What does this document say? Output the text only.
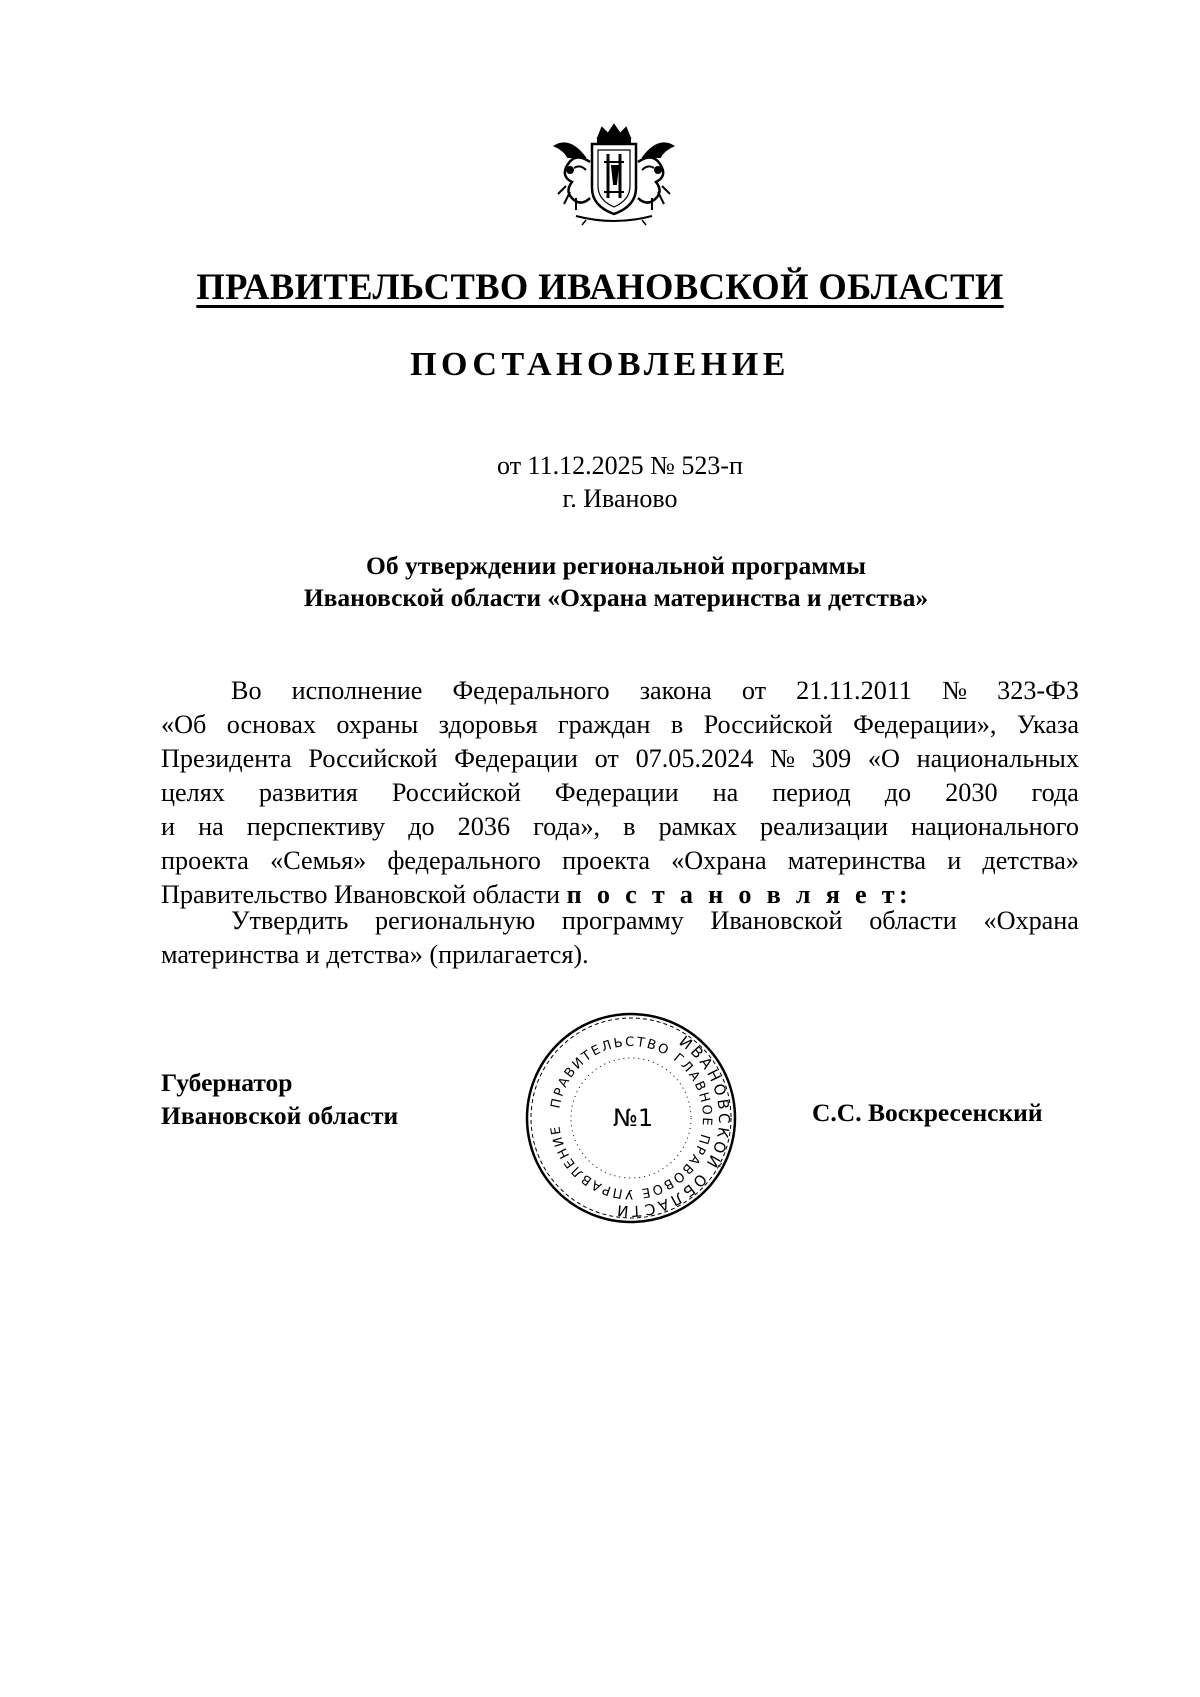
ПРАВИТЕЛЬСТВО ИВАНОВСКОЙ ОБЛАСТИ
ПОСТАНОВЛЕНИЕ
от 11.12.2025 № 523-п
г. Иваново
Об утверждении региональной программы
Ивановской области «Охрана материнства и детства»
Во исполнение Федерального закона от 21.11.2011 № 323-ФЗ
«Об основах охраны здоровья граждан в Российской Федерации», Указа
Президента Российской Федерации от 07.05.2024 № 309 «О национальных
целях развития Российской Федерации на период до 2030 года
и на перспективу до 2036 года», в рамках реализации национального
проекта «Семья» федерального проекта «Охрана материнства и детства»
Правительство Ивановской области п о с т а н о в л я е т:
Утвердить региональную программу Ивановской области «Охрана
материнства и детства» (прилагается).
Губернатор
Ивановской области	С.С. Воскресенский
ИВАНОВСКОЙ ОБЛАСТИ
ПРАВИТЕЛЬСТВО ГЛАВНОЕ ПРАВОВОЕ УПРАВЛЕНИЕ	№1
